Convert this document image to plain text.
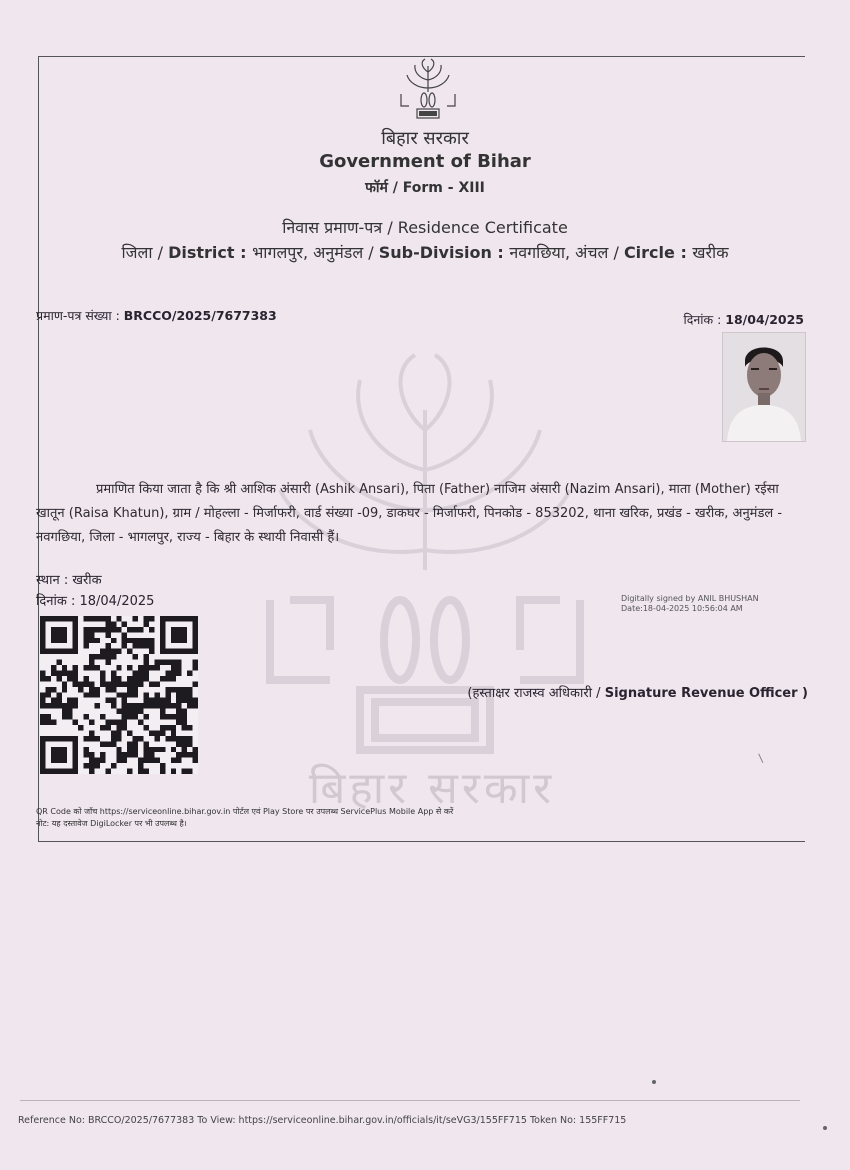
बिहार सरकार
बिहार सरकार
Government of Bihar
फॉर्म / Form - XIII
निवास प्रमाण-पत्र / Residence Certificate
जिला / District : भागलपुर, अनुमंडल / Sub-Division : नवगछिया, अंचल / Circle : खरीक
प्रमाण-पत्र संख्या : BRCCO/2025/7677383	दिनांक : 18/04/2025
प्रमाणित किया जाता है कि श्री आशिक अंसारी (Ashik Ansari), पिता (Father) नाजिम अंसारी (Nazim Ansari), माता (Mother) रईसा खातून (Raisa Khatun), ग्राम / मोहल्ला - मिर्जाफरी, वार्ड संख्या -09, डाकघर - मिर्जाफरी, पिनकोड - 853202, थाना खरिक, प्रखंड - खरीक, अनुमंडल - नवगछिया, जिला - भागलपुर, राज्य - बिहार के स्थायी निवासी हैं।
स्थान : खरीक
दिनांक : 18/04/2025	Digitally signed by ANIL BHUSHAN
Date:18-04-2025 10:56:04 AM
(हस्ताक्षर राजस्व अधिकारी / Signature Revenue Officer )
QR Code को जाँच https://serviceonline.bihar.gov.in पोर्टल एवं Play Store पर उपलब्ध ServicePlus Mobile App से करें
नोट: यह दस्तावेज DigiLocker पर भी उपलब्ध है।
Reference No: BRCCO/2025/7677383 To View: https://serviceonline.bihar.gov.in/officials/it/seVG3/155FF715 Token No: 155FF715
